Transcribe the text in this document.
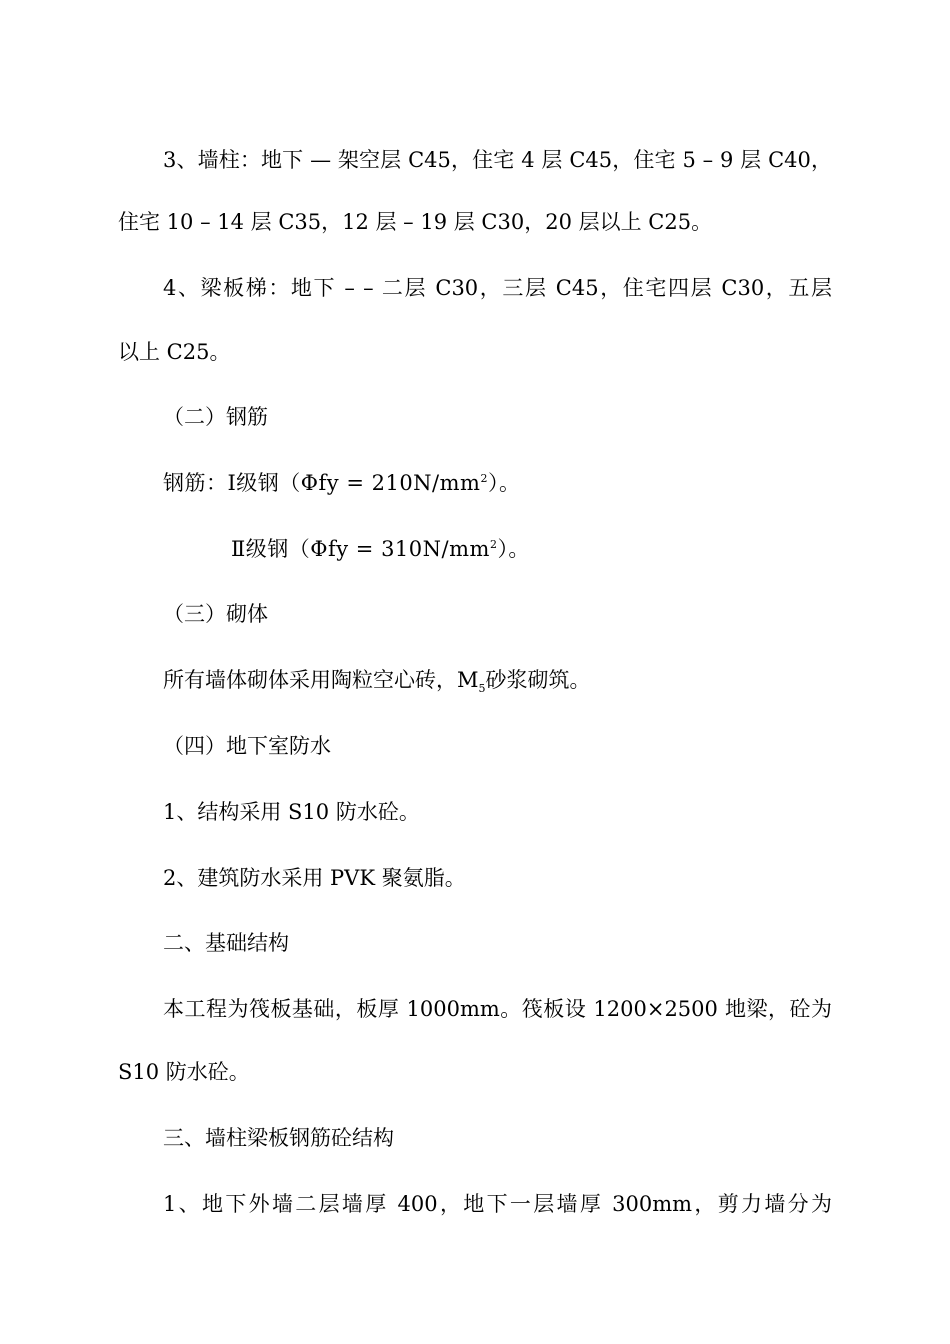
3、墙柱：地下 — 架空层 C45，住宅 4 层 C45，住宅 5 – 9 层 C40，
住宅 10 – 14 层 C35，12 层 – 19 层 C30，20 层以上 C25。
4、梁板梯：地下 – – 二层 C30，三层 C45，住宅四层 C30，五层
以上 C25。
（二）钢筋
钢筋：Ⅰ级钢$(\Phi fy = 210N/mm^2)$。
Ⅱ级钢$(\Phi fy = 310N/mm^2)$。
（三）砌体
所有墙体砌体采用陶粒空心砖，$M_5$砂浆砌筑。
（四）地下室防水
1、结构采用 S10 防水砼。
2、建筑防水采用 PVK 聚氨脂。
二、基础结构
本工程为筏板基础，板厚 1000mm。筏板设 1200×2500 地梁，砼为
S10 防水砼。
三、墙柱梁板钢筋砼结构
1、地下外墙二层墙厚 400，地下一层墙厚 300mm，剪力墙分为
